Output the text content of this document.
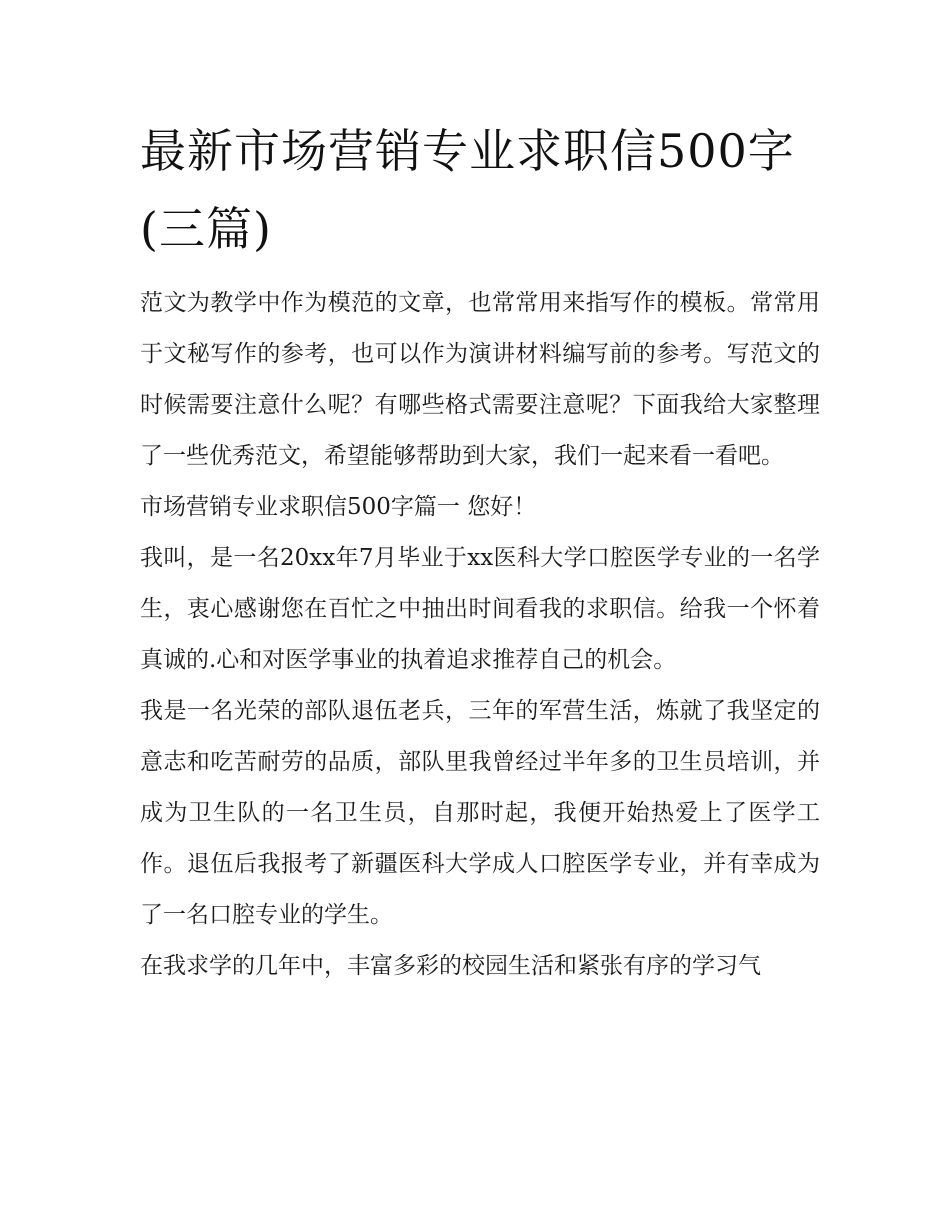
最新市场营销专业求职信500字(三篇)

范文为教学中作为模范的文章，也常常用来指写作的模板。常常用于文秘写作的参考，也可以作为演讲材料编写前的参考。写范文的时候需要注意什么呢？有哪些格式需要注意呢？下面我给大家整理了一些优秀范文，希望能够帮助到大家，我们一起来看一看吧。

市场营销专业求职信500字篇一 您好！

我叫，是一名20xx年7月毕业于xx医科大学口腔医学专业的一名学生，衷心感谢您在百忙之中抽出时间看我的求职信。给我一个怀着真诚的.心和对医学事业的执着追求推荐自己的机会。

我是一名光荣的部队退伍老兵，三年的军营生活，炼就了我坚定的意志和吃苦耐劳的品质，部队里我曾经过半年多的卫生员培训，并成为卫生队的一名卫生员，自那时起，我便开始热爱上了医学工作。退伍后我报考了新疆医科大学成人口腔医学专业，并有幸成为了一名口腔专业的学生。

在我求学的几年中，丰富多彩的校园生活和紧张有序的学习气
